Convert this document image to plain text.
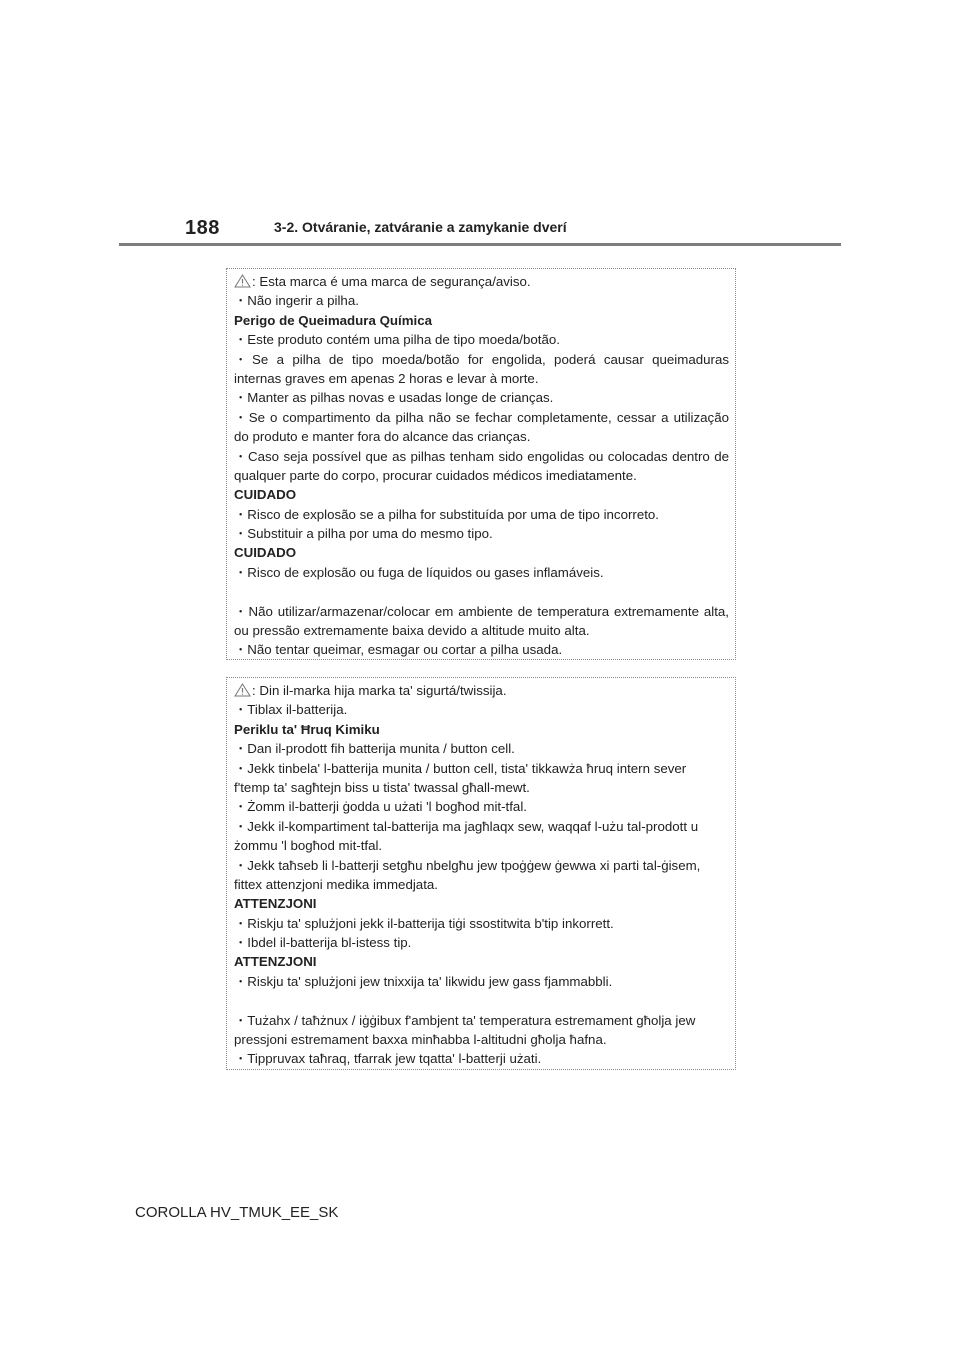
188	3-2. Otváranie, zatváranie a zamykanie dverí
: Esta marca é uma marca de segurança/aviso.
・Não ingerir a pilha.
Perigo de Queimadura Química
・Este produto contém uma pilha de tipo moeda/botão.
・Se a pilha de tipo moeda/botão for engolida, poderá causar queimaduras
internas graves em apenas 2 horas e levar à morte.
・Manter as pilhas novas e usadas longe de crianças.
・Se o compartimento da pilha não se fechar completamente, cessar a utilização
do produto e manter fora do alcance das crianças.
・Caso seja possível que as pilhas tenham sido engolidas ou colocadas dentro de
qualquer parte do corpo, procurar cuidados médicos imediatamente.
CUIDADO
・Risco de explosão se a pilha for substituída por uma de tipo incorreto.
・Substituir a pilha por uma do mesmo tipo.
CUIDADO
・Risco de explosão ou fuga de líquidos ou gases inflamáveis.
・Não utilizar/armazenar/colocar em ambiente de temperatura extremamente alta,
ou pressão extremamente baixa devido a altitude muito alta.
・Não tentar queimar, esmagar ou cortar a pilha usada.
: Din il-marka hija marka ta' sigurtá/twissija.
・Tiblax il-batterija.
Periklu ta' Ħruq Kimiku
・Dan il-prodott fih batterija munita / button cell.
・Jekk tinbela' l-batterija munita / button cell, tista' tikkawża ħruq intern sever
f'temp ta' sagħtejn biss u tista' twassal għall-mewt.
・Żomm il-batterji ġodda u użati 'l bogħod mit-tfal.
・Jekk il-kompartiment tal-batterija ma jagħlaqx sew, waqqaf l-użu tal-prodott u
żommu 'l bogħod mit-tfal.
・Jekk taħseb li l-batterji setgħu nbelgħu jew tpoġġew ġewwa xi parti tal-ġisem,
fittex attenzjoni medika immedjata.
ATTENZJONI
・Riskju ta' splużjoni jekk il-batterija tiġi ssostitwita b'tip inkorrett.
・Ibdel il-batterija bl-istess tip.
ATTENZJONI
・Riskju ta' splużjoni jew tnixxija ta' likwidu jew gass fjammabbli.
・Tużahx / taħżnux / iġġibux f'ambjent ta' temperatura estremament għolja jew
pressjoni estremament baxxa minħabba l-altitudni għolja ħafna.
・Tippruvax taħraq, tfarrak jew tqatta' l-batterji użati.
COROLLA HV_TMUK_EE_SK
